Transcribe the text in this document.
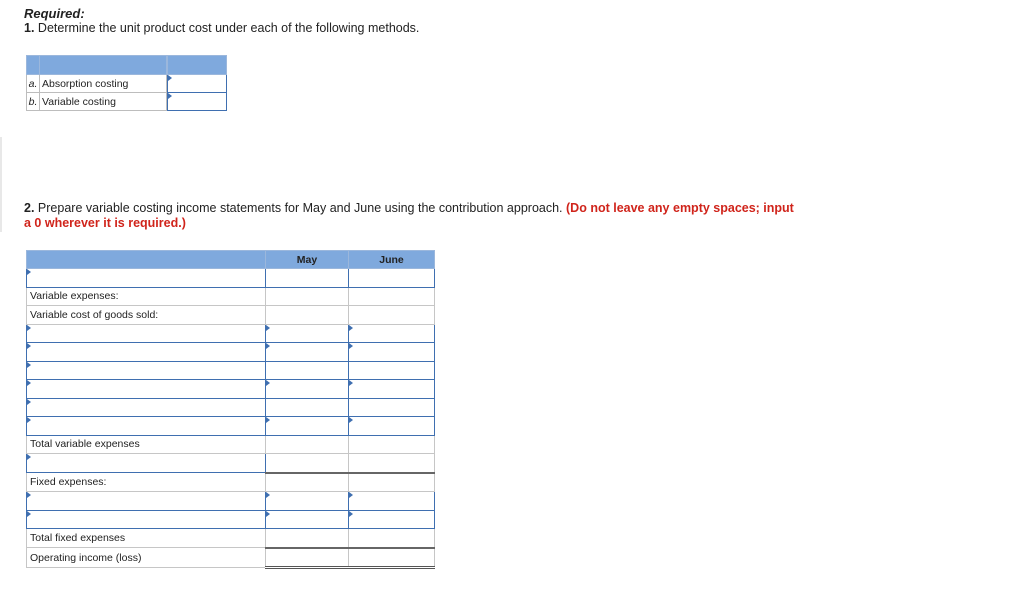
Required:
1. Determine the unit product cost under each of the following methods.

a.	Absorption costing		

b.	Variable costing		
2. Prepare variable costing income statements for May and June using the contribution approach. (Do not leave any empty spaces; input a 0 wherever it is required.)
	May	June

Variable expenses:		
Variable cost of goods sold:		

Total variable expenses		

Fixed expenses:		

Total fixed expenses		
Operating income (loss)		
